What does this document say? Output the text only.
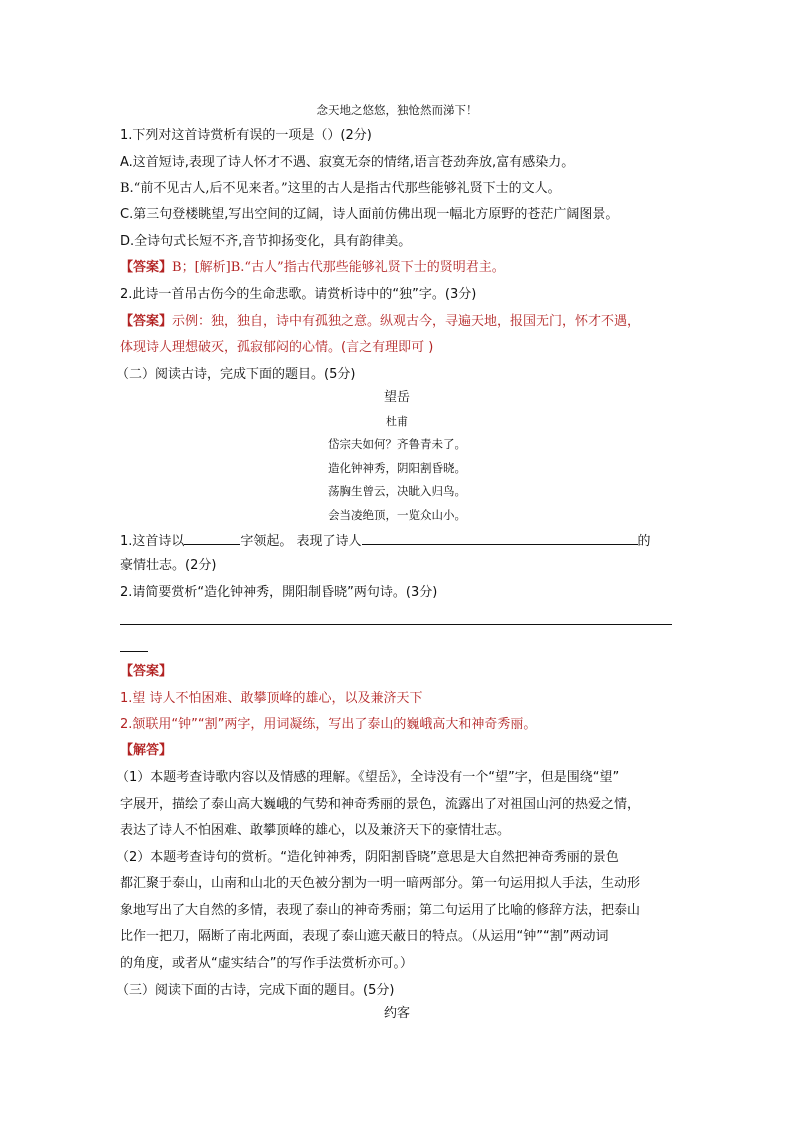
念天地之悠悠，独怆然而涕下！
1.下列对这首诗赏析有误的一项是（）(2分)
A.这首短诗,表现了诗人怀才不遇、寂寞无奈的情绪,语言苍劲奔放,富有感染力。
B.“前不见古人,后不见来者。”这里的古人是指古代那些能够礼贤下士的文人。
C.第三句登楼眺望,写出空间的辽阔，诗人面前仿佛出现一幅北方原野的苍茫广阔图景。
D.全诗句式长短不齐,音节抑扬变化，具有韵律美。
【答案】B；[解析]B.“古人”指古代那些能够礼贤下士的贤明君主。
2.此诗一首吊古伤今的生命悲歌。请赏析诗中的“独”字。(3分)
【答案】示例：独，独自，诗中有孤独之意。纵观古今，寻遍天地，报国无门，怀才不遇，
体现诗人理想破灭，孤寂郁闷的心情。(言之有理即可 )
（二）阅读古诗，完成下面的题目。(5分)
望岳
杜甫
岱宗夫如何？齐鲁青未了。
造化钟神秀，阴阳割昏晓。
荡胸生曾云，决眦入归鸟。
会当凌绝顶，一览众山小。
1.这首诗以	字领起。 表现了诗人	的
豪情壮志。(2分)
2.请简要赏析“造化钟神秀，開阳制昏晓”两句诗。(3分)
【答案】
1.望 诗人不怕困难、敢攀顶峰的雄心，以及兼济天下
2.颔联用“钟”“割”两字，用词凝练，写出了泰山的巍峨高大和神奇秀丽。
【解答】
（1）本题考查诗歌内容以及情感的理解。《望岳》，全诗没有一个“望”字，但是围绕“望”
字展开，描绘了泰山高大巍峨的气势和神奇秀丽的景色，流露出了对祖国山河的热爱之情，
表达了诗人不怕困难、敢攀顶峰的雄心，以及兼济天下的豪情壮志。
（2）本题考查诗句的赏析。“造化钟神秀，阴阳割昏晓”意思是大自然把神奇秀丽的景色
都汇聚于泰山，山南和山北的天色被分割为一明一暗两部分。第一句运用拟人手法，生动形
象地写出了大自然的多情，表现了泰山的神奇秀丽；第二句运用了比喻的修辞方法，把泰山
比作一把刀，隔断了南北两面，表现了泰山遮天蔽日的特点。（从运用“钟”“割”两动词
的角度，或者从“虚实结合”的写作手法赏析亦可。）
（三）阅读下面的古诗，完成下面的题目。(5分)
约客
